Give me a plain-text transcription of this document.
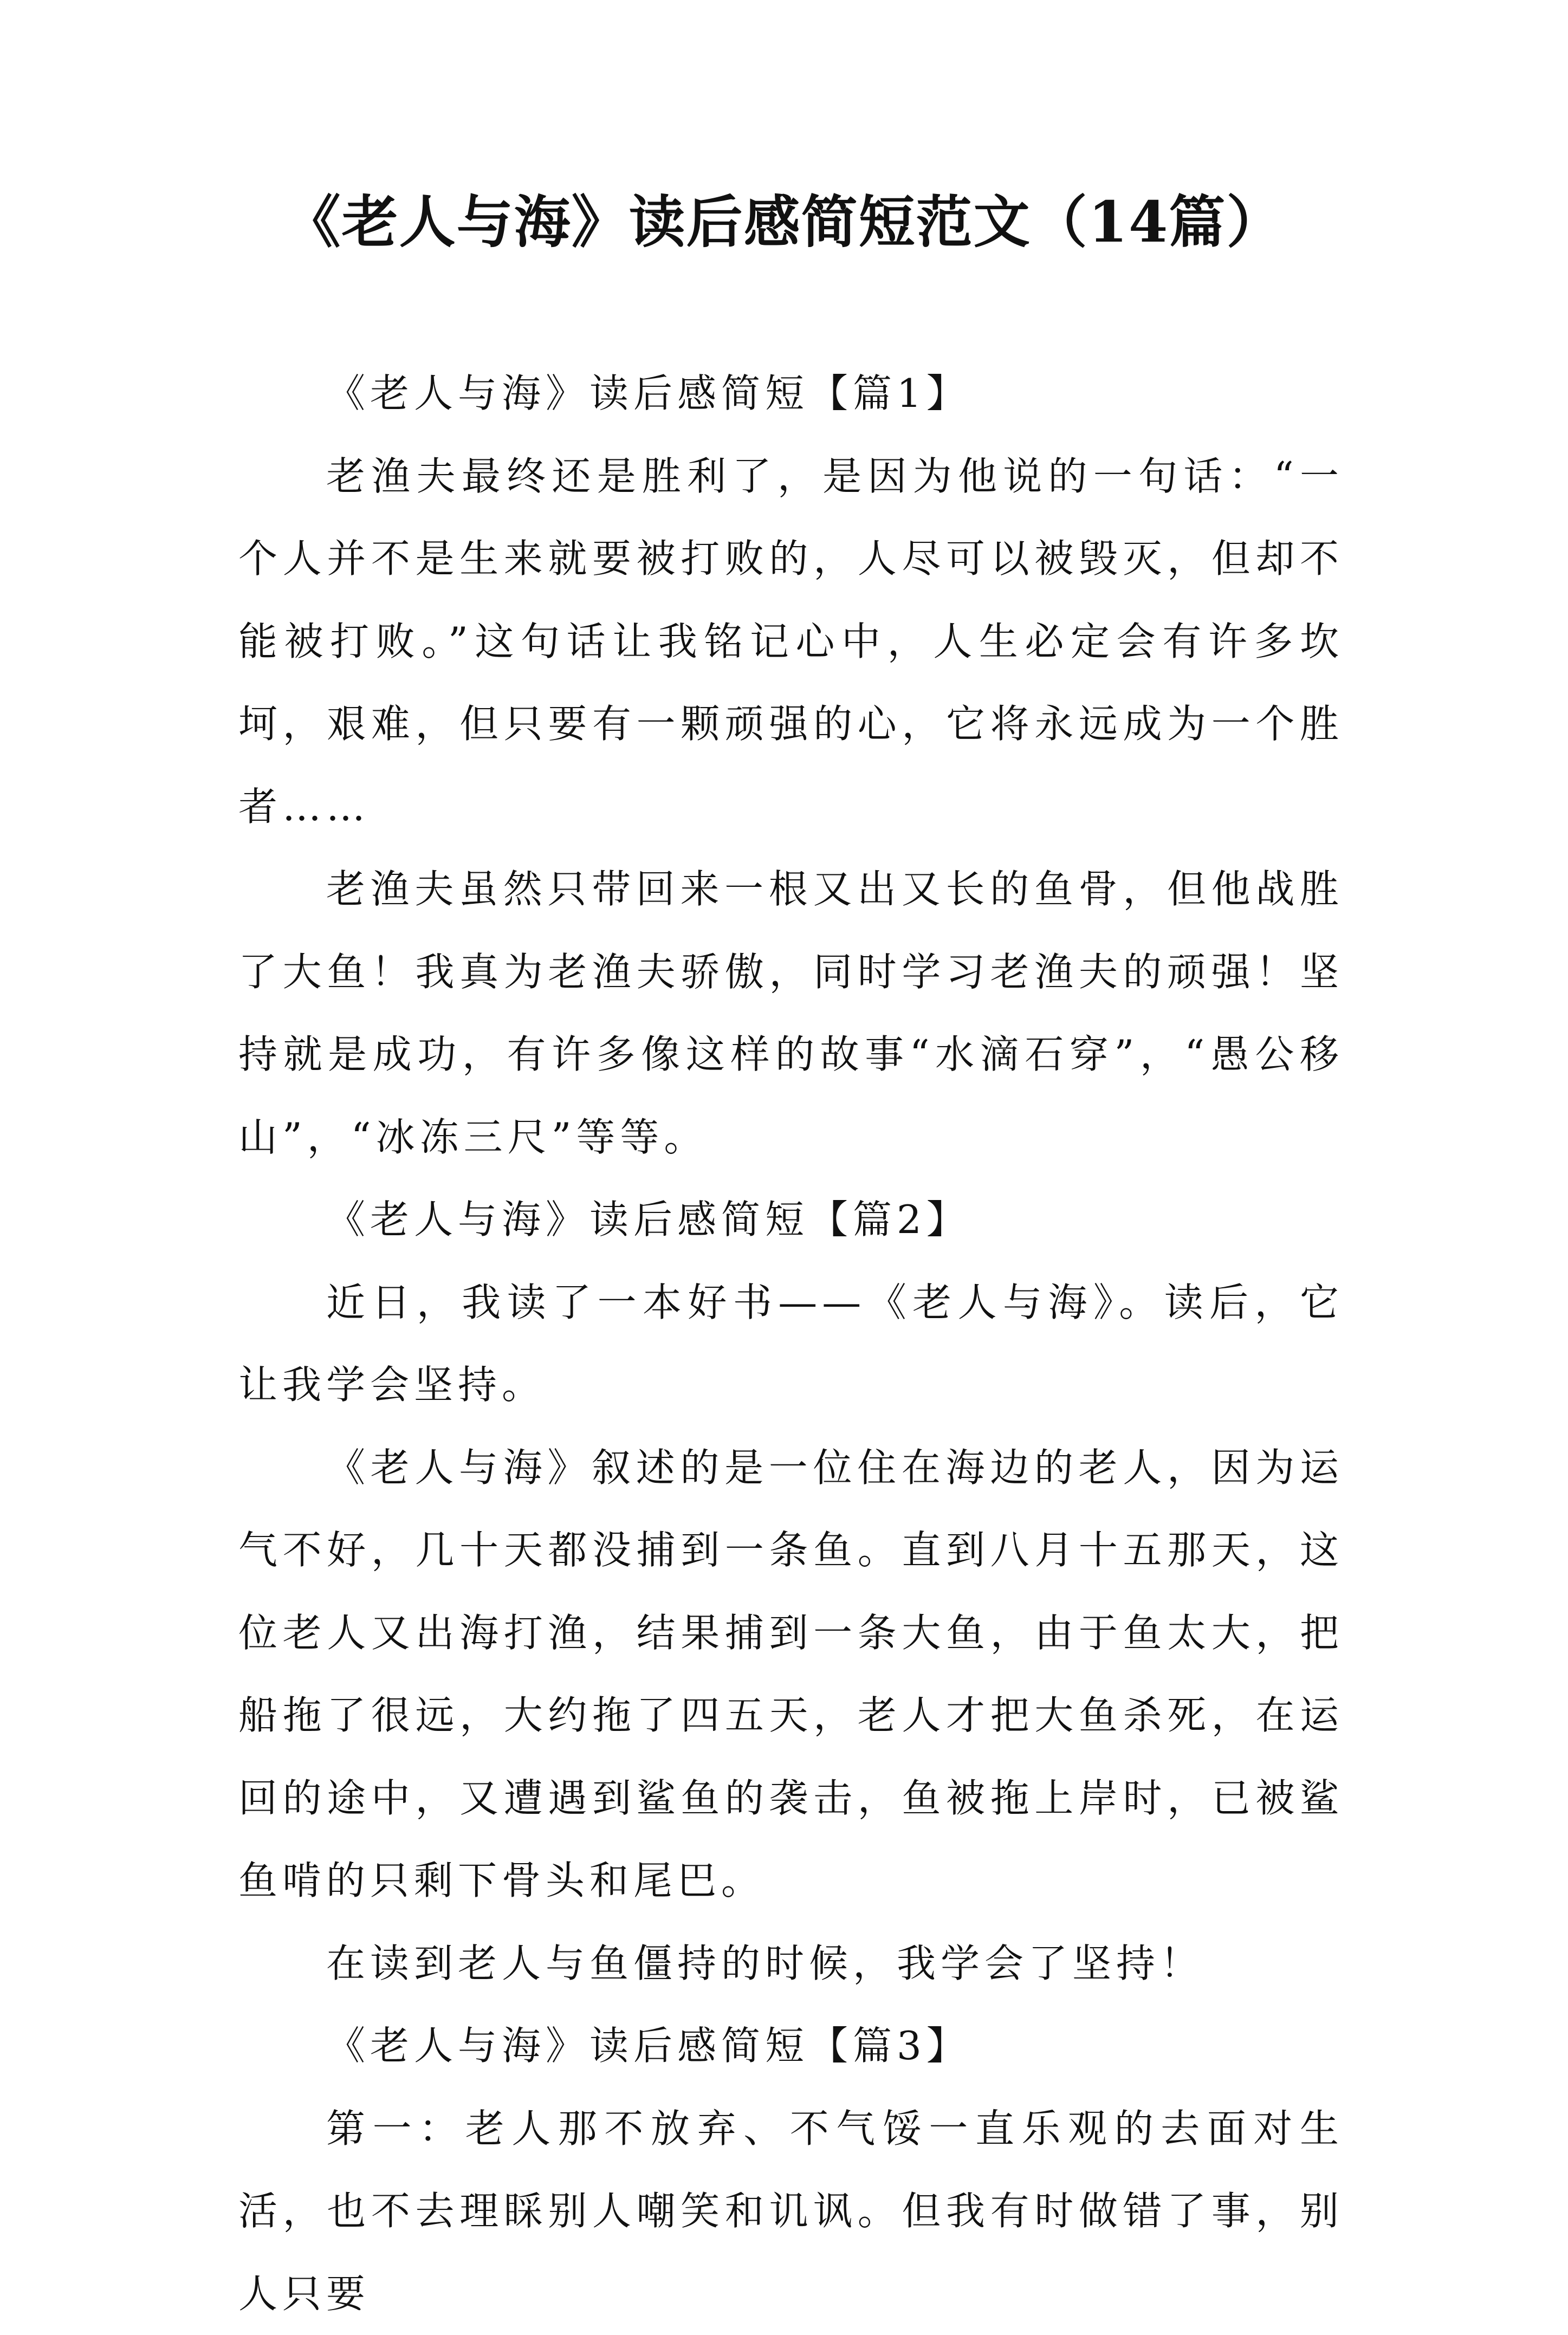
《老人与海》读后感简短范文（14篇）

《老人与海》读后感简短【篇1】

老渔夫最终还是胜利了，是因为他说的一句话：“一个人并不是生来就要被打败的，人尽可以被毁灭，但却不能被打败。”这句话让我铭记心中，人生必定会有许多坎坷，艰难，但只要有一颗顽强的心，它将永远成为一个胜者……

老渔夫虽然只带回来一根又出又长的鱼骨，但他战胜了大鱼！我真为老渔夫骄傲，同时学习老渔夫的顽强！坚持就是成功，有许多像这样的故事“水滴石穿”，“愚公移山”，“冰冻三尺”等等。

《老人与海》读后感简短【篇2】

近日，我读了一本好书——《老人与海》。读后，它让我学会坚持。

《老人与海》叙述的是一位住在海边的老人，因为运气不好，几十天都没捕到一条鱼。直到八月十五那天，这位老人又出海打渔，结果捕到一条大鱼，由于鱼太大，把船拖了很远，大约拖了四五天，老人才把大鱼杀死，在运回的途中，又遭遇到鲨鱼的袭击，鱼被拖上岸时，已被鲨鱼啃的只剩下骨头和尾巴。

在读到老人与鱼僵持的时候，我学会了坚持！

《老人与海》读后感简短【篇3】

第一：老人那不放弃、不气馁一直乐观的去面对生活，也不去理睬别人嘲笑和讥讽。但我有时做错了事，别人只要
